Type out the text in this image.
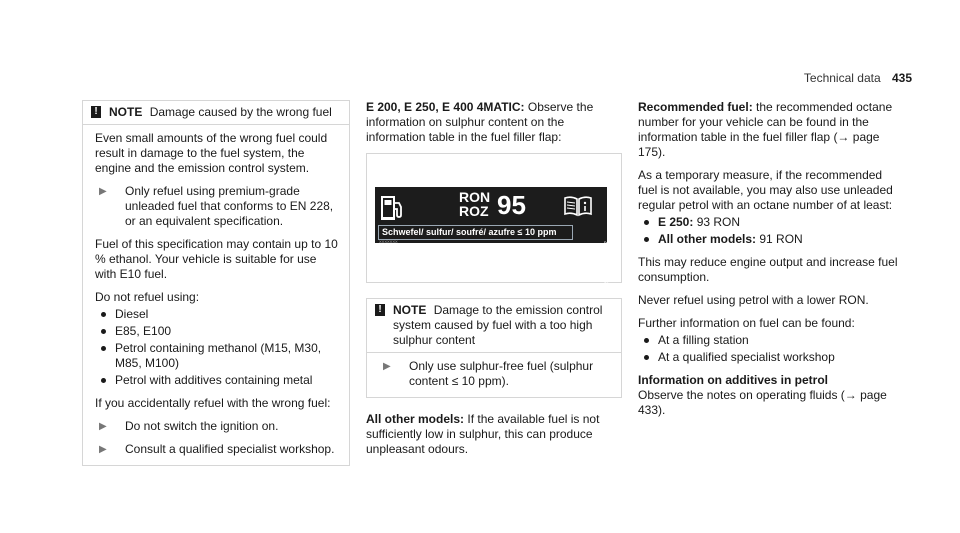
Technical data 435
! NOTE Damage caused by the wrong fuel

Even small amounts of the wrong fuel could result in damage to the fuel system, the engine and the emission control system.

▶	Only refuel using premium-grade unleaded fuel that conforms to EN 228, or an equivalent specification.

Fuel of this specification may contain up to 10 % ethanol. Your vehicle is suitable for use with E10 fuel.

Do not refuel using:

Diesel
E85, E100
Petrol containing methanol (M15, M30, M85, M100)
Petrol with additives containing metal

If you accidentally refuel with the wrong fuel:

▶	Do not switch the ignition on.
▶	Consult a qualified specialist workshop.

E 200, E 250, E 400 4MATIC: Observe the information on sulphur content on the information table in the fuel filler flap:

RON
ROZ 95
Schwefel/ sulfur/ soufré/ azufre ≤ 10 ppm
XXXXXXX	A0005849217
! NOTE Damage to the emission control system caused by fuel with a too high sulphur content
▶	Only use sulphur-free fuel (sulphur content ≤ 10 ppm).

All other models: If the available fuel is not sufficiently low in sulphur, this can produce unpleasant odours.

Recommended fuel: the recommended octane number for your vehicle can be found in the information table in the fuel filler flap (→ page 175).

As a temporary measure, if the recommended fuel is not available, you may also use unleaded regular petrol with an octane number of at least:

E 250: 93 RON
All other models: 91 RON

This may reduce engine output and increase fuel consumption.

Never refuel using petrol with a lower RON.

Further information on fuel can be found:

At a filling station
At a qualified specialist workshop

Information on additives in petrol

Observe the notes on operating fluids (→ page 433).
